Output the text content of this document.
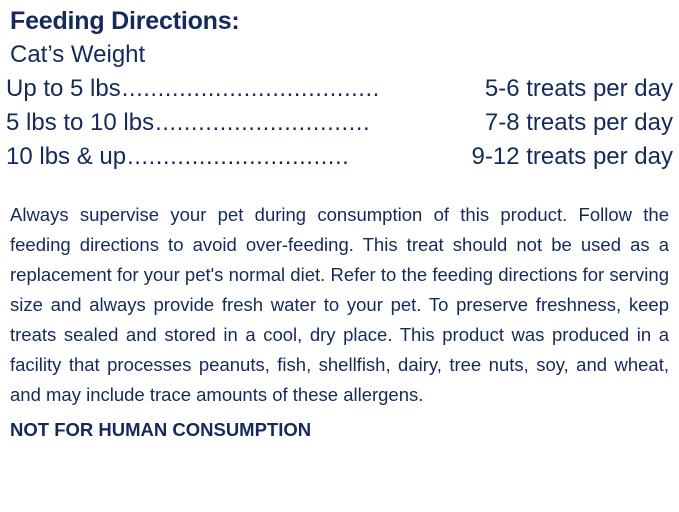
Feeding Directions:
Cat’s Weight
Up to 5 lbs ....................................	5-6 treats per day
5 lbs to 10 lbs ..............................	7-8 treats per day
10 lbs & up ...............................	9-12 treats per day

Always supervise your pet during consumption of this product. Follow the feeding directions to avoid over-feeding. This treat should not be used as a replacement for your pet's normal diet. Refer to the feeding directions for serving size and always provide fresh water to your pet. To preserve freshness, keep treats sealed and stored in a cool, dry place. This product was produced in a facility that processes peanuts, fish, shellfish, dairy, tree nuts, soy, and wheat, and may include trace amounts of these allergens.

NOT FOR HUMAN CONSUMPTION
